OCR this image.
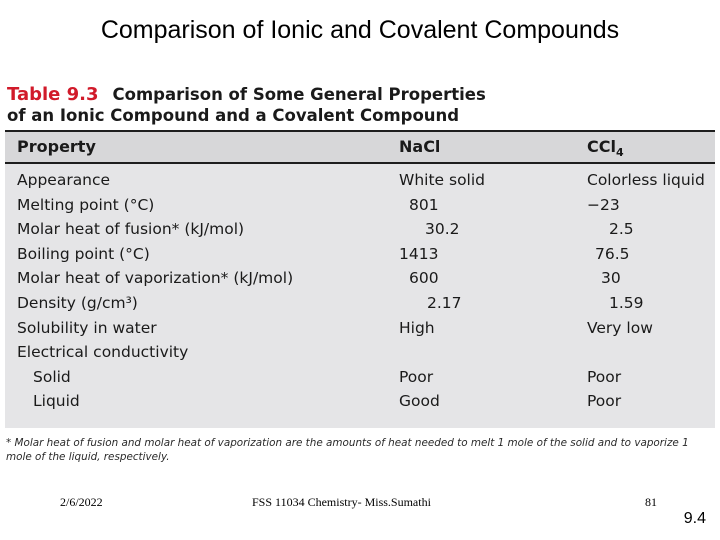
Comparison of Ionic and Covalent Compounds
Table 9.3 Comparison of Some General Properties
of an Ionic Compound and a Covalent Compound
Property	NaCl	CCl$_4$
Appearance	White solid	Colorless liquid
Melting point (°C)	801	−23
Molar heat of fusion* (kJ/mol)	30.2	2.5
Boiling point (°C)	1413	76.5
Molar heat of vaporization* (kJ/mol)	600	30
Density (g/cm³)	2.17	1.59
Solubility in water	High	Very low
Electrical conductivity
Solid	Poor	Poor
Liquid	Good	Poor
* Molar heat of fusion and molar heat of vaporization are the amounts of heat needed to melt 1 mole of the solid and to vaporize 1
mole of the liquid, respectively.
2/6/2022	FSS 11034 Chemistry- Miss.Sumathi	81
9.4
